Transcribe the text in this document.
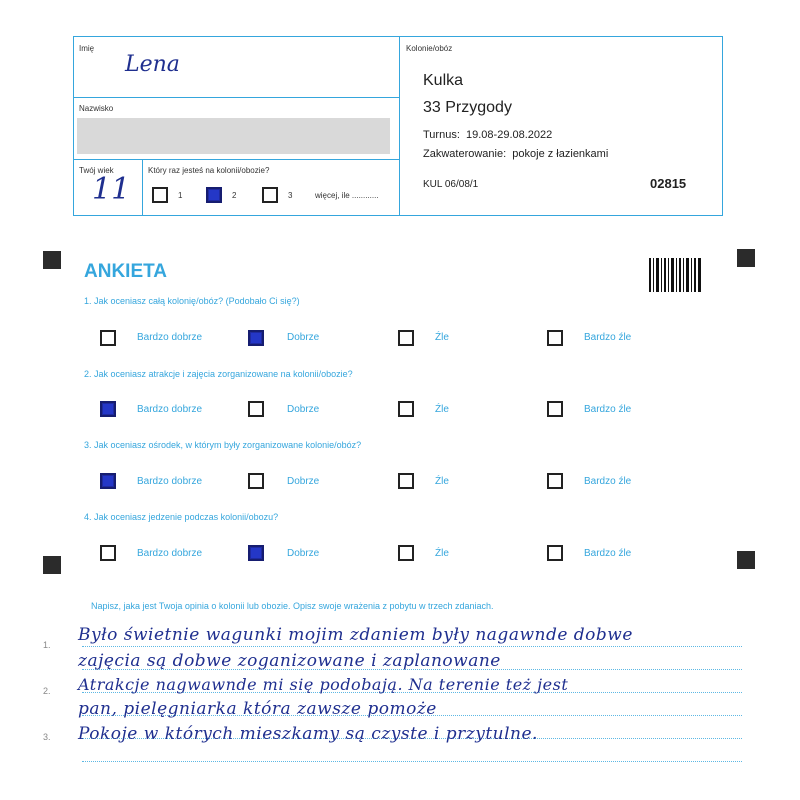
Imię
Lena
Nazwisko
Twój wiek
11
Który raz jesteś na kolonii/obozie?
1	2	3	więcej, ile ............
Kolonie/obóz
Kulka
33 Przygody
Turnus: 19.08-29.08.2022
Zakwaterowanie: pokoje z łazienkami
KUL 06/08/1	02815
ANKIETA
1. Jak oceniasz całą kolonię/obóz? (Podobało Ci się?)
Bardzo dobrze	Dobrze	Źle	Bardzo źle
2. Jak oceniasz atrakcje i zajęcia zorganizowane na kolonii/obozie?
Bardzo dobrze	Dobrze	Źle	Bardzo źle
3. Jak oceniasz ośrodek, w którym były zorganizowane kolonie/obóz?
Bardzo dobrze	Dobrze	Źle	Bardzo źle
4. Jak oceniasz jedzenie podczas kolonii/obozu?
Bardzo dobrze	Dobrze	Źle	Bardzo źle
Napisz, jaka jest Twoja opinia o kolonii lub obozie. Opisz swoje wrażenia z pobytu w trzech zdaniach.
1.
2.
3.
Było świetnie wagunki mojim zdaniem były nagawnde dobwe
zajęcia są dobwe zoganizowane i zaplanowane
Atrakcje nagwawnde mi się podobają. Na terenie też jest
pan, pielęgniarka która zawsze pomoże
Pokoje w których mieszkamy są czyste i przytulne.
